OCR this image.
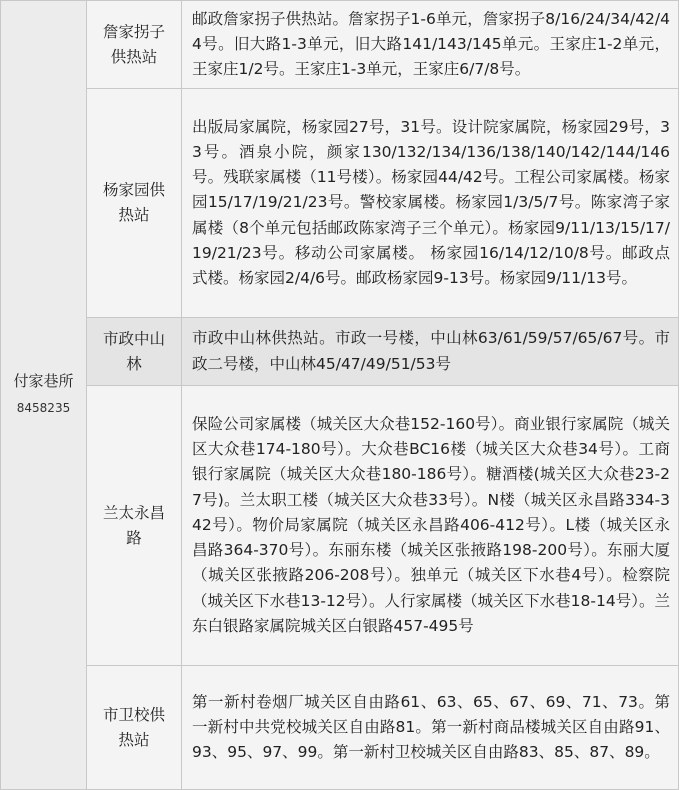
付家巷所
8458235	詹家拐子供热站	邮政詹家拐子供热站。詹家拐子1-6单元，詹家拐子8/16/24/34/42/44号。旧大路1-3单元，旧大路141/143/145单元。王家庄1-2单元，王家庄1/2号。王家庄1-3单元，王家庄6/7/8号。
	杨家园供热站	出版局家属院，杨家园27号，31号。设计院家属院，杨家园29号，33号。酒泉小院，颜家130/132/134/136/138/140/142/144/146号。残联家属楼（11号楼）。杨家园44/42号。工程公司家属楼。杨家园15/17/19/21/23号。警校家属楼。杨家园1/3/5/7号。陈家湾子家属楼（8个单元包括邮政陈家湾子三个单元）。杨家园9/11/13/15/17/19/21/23号。移动公司家属楼。 杨家园16/14/12/10/8号。邮政点式楼。杨家园2/4/6号。邮政杨家园9-13号。杨家园9/11/13号。
	市政中山林	市政中山林供热站。市政一号楼，中山林63/61/59/57/65/67号。市政二号楼，中山林45/47/49/51/53号
	兰太永昌路	保险公司家属楼（城关区大众巷152-160号）。商业银行家属院（城关区大众巷174-180号）。大众巷BC16楼（城关区大众巷34号）。工商银行家属院（城关区大众巷180-186号）。糖酒楼(城关区大众巷23-27号)。兰太职工楼（城关区大众巷33号）。N楼（城关区永昌路334-342号）。物价局家属院（城关区永昌路406-412号）。L楼（城关区永昌路364-370号）。东丽东楼（城关区张掖路198-200号）。东丽大厦（城关区张掖路206-208号）。独单元（城关区下水巷4号）。检察院（城关区下水巷13-12号）。人行家属楼（城关区下水巷18-14号）。兰东白银路家属院城关区白银路457-495号
	市卫校供热站	第一新村卷烟厂城关区自由路61、63、65、67、69、71、73。第一新村中共党校城关区自由路81。第一新村商品楼城关区自由路91、93、95、97、99。第一新村卫校城关区自由路83、85、87、89。
